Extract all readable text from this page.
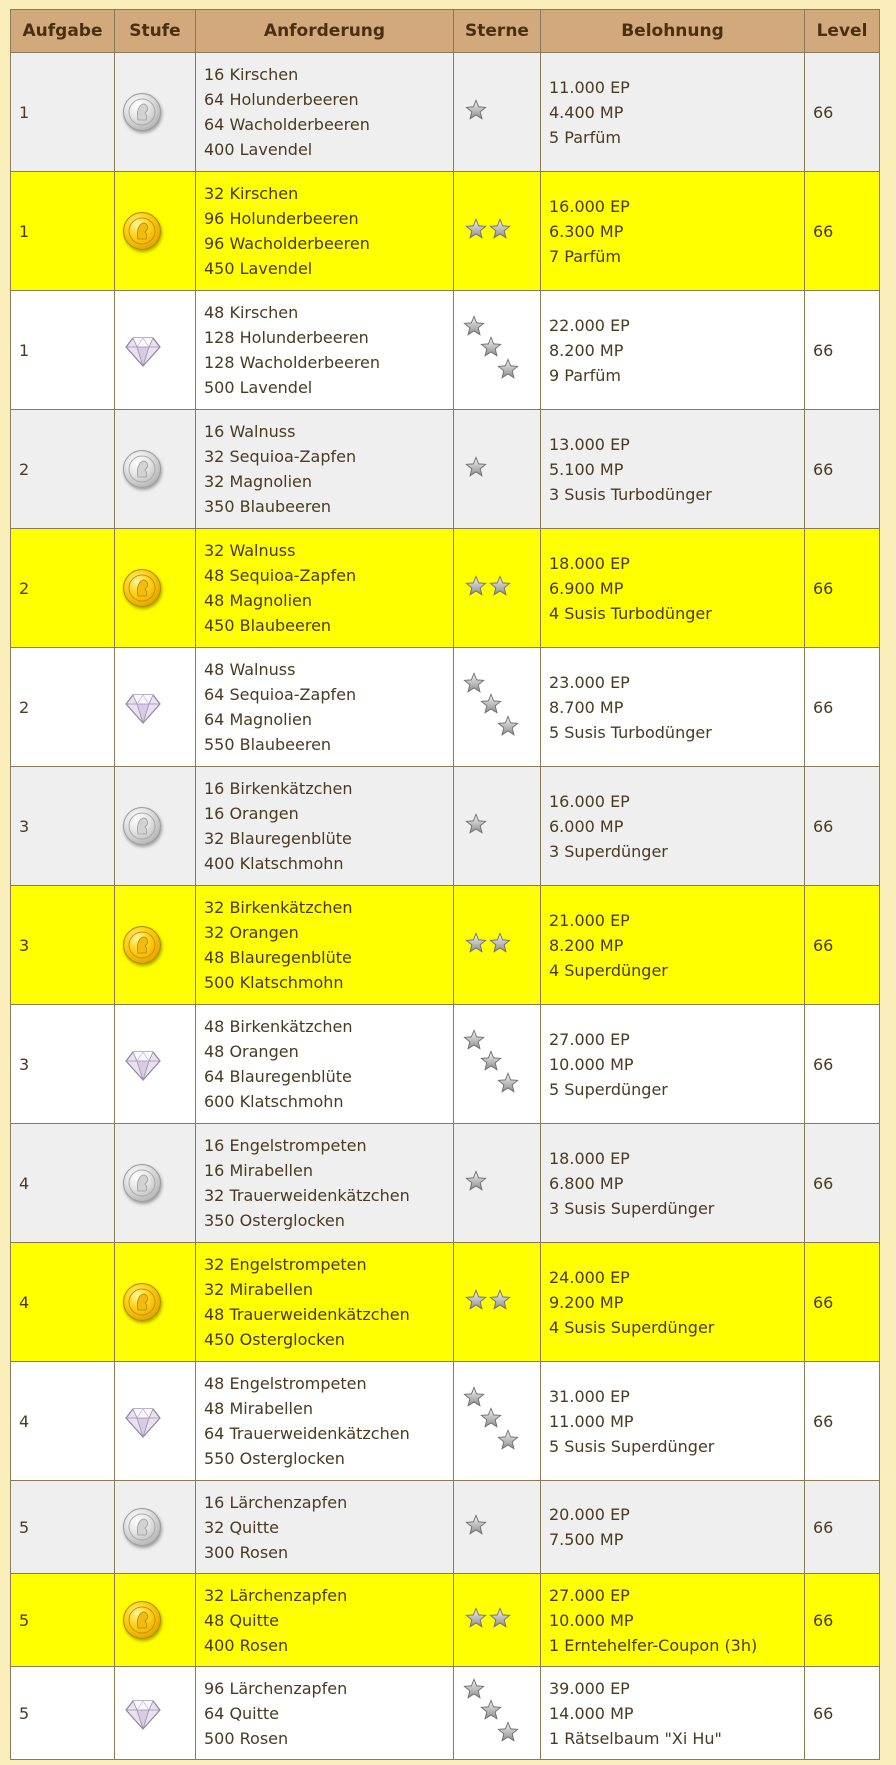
Aufgabe	Stufe	Anforderung	Sterne	Belohnung	Level
1		16 Kirschen
64 Holunderbeeren
64 Wacholderbeeren
400 Lavendel		11.000 EP
4.400 MP
5 Parfüm	66
1		32 Kirschen
96 Holunderbeeren
96 Wacholderbeeren
450 Lavendel		16.000 EP
6.300 MP
7 Parfüm	66
1		48 Kirschen
128 Holunderbeeren
128 Wacholderbeeren
500 Lavendel		22.000 EP
8.200 MP
9 Parfüm	66
2		16 Walnuss
32 Sequioa-Zapfen
32 Magnolien
350 Blaubeeren		13.000 EP
5.100 MP
3 Susis Turbodünger	66
2		32 Walnuss
48 Sequioa-Zapfen
48 Magnolien
450 Blaubeeren		18.000 EP
6.900 MP
4 Susis Turbodünger	66
2		48 Walnuss
64 Sequioa-Zapfen
64 Magnolien
550 Blaubeeren		23.000 EP
8.700 MP
5 Susis Turbodünger	66
3		16 Birkenkätzchen
16 Orangen
32 Blauregenblüte
400 Klatschmohn		16.000 EP
6.000 MP
3 Superdünger	66
3		32 Birkenkätzchen
32 Orangen
48 Blauregenblüte
500 Klatschmohn		21.000 EP
8.200 MP
4 Superdünger	66
3		48 Birkenkätzchen
48 Orangen
64 Blauregenblüte
600 Klatschmohn		27.000 EP
10.000 MP
5 Superdünger	66
4		16 Engelstrompeten
16 Mirabellen
32 Trauerweidenkätzchen
350 Osterglocken		18.000 EP
6.800 MP
3 Susis Superdünger	66
4		32 Engelstrompeten
32 Mirabellen
48 Trauerweidenkätzchen
450 Osterglocken		24.000 EP
9.200 MP
4 Susis Superdünger	66
4		48 Engelstrompeten
48 Mirabellen
64 Trauerweidenkätzchen
550 Osterglocken		31.000 EP
11.000 MP
5 Susis Superdünger	66
5		16 Lärchenzapfen
32 Quitte
300 Rosen		20.000 EP
7.500 MP	66
5		32 Lärchenzapfen
48 Quitte
400 Rosen		27.000 EP
10.000 MP
1 Erntehelfer-Coupon (3h)	66
5		96 Lärchenzapfen
64 Quitte
500 Rosen		39.000 EP
14.000 MP
1 Rätselbaum "Xi Hu"	66
